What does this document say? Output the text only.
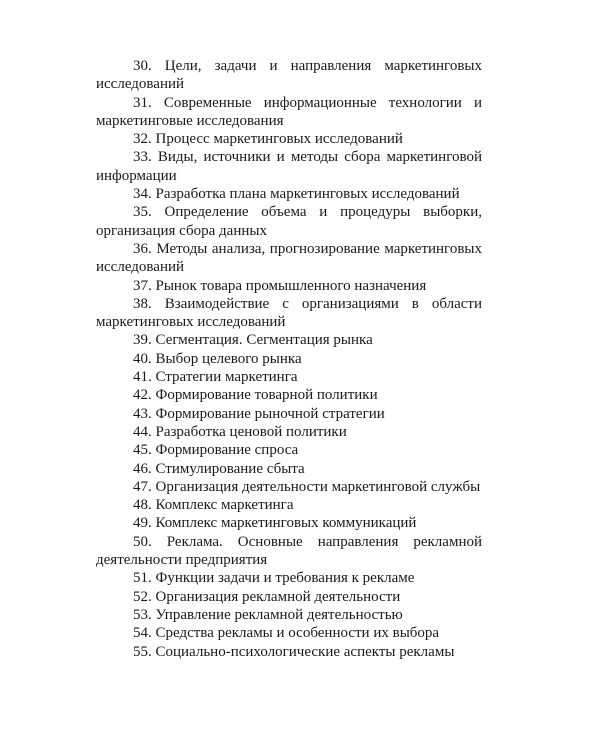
30. Цели, задачи и направления маркетинговых исследований

31. Современные информационные технологии и маркетинговые исследования

32. Процесс маркетинговых исследований

33. Виды, источники и методы сбора маркетинговой информации

34. Разработка плана маркетинговых исследований

35. Определение объема и процедуры выборки, организация сбора данных

36. Методы анализа, прогнозирование маркетинговых исследований

37. Рынок товара промышленного назначения

38. Взаимодействие с организациями в области маркетинговых исследований

39. Сегментация. Сегментация рынка

40. Выбор целевого рынка

41. Стратегии маркетинга

42. Формирование товарной политики

43. Формирование рыночной стратегии

44. Разработка ценовой политики

45. Формирование спроса

46. Стимулирование сбыта

47. Организация деятельности маркетинговой службы

48. Комплекс маркетинга

49. Комплекс маркетинговых коммуникаций

50. Реклама. Основные направления рекламной деятельности предприятия

51. Функции задачи и требования к рекламе

52. Организация рекламной деятельности

53. Управление рекламной деятельностью

54. Средства рекламы и особенности их выбора

55. Социально-психологические аспекты рекламы
